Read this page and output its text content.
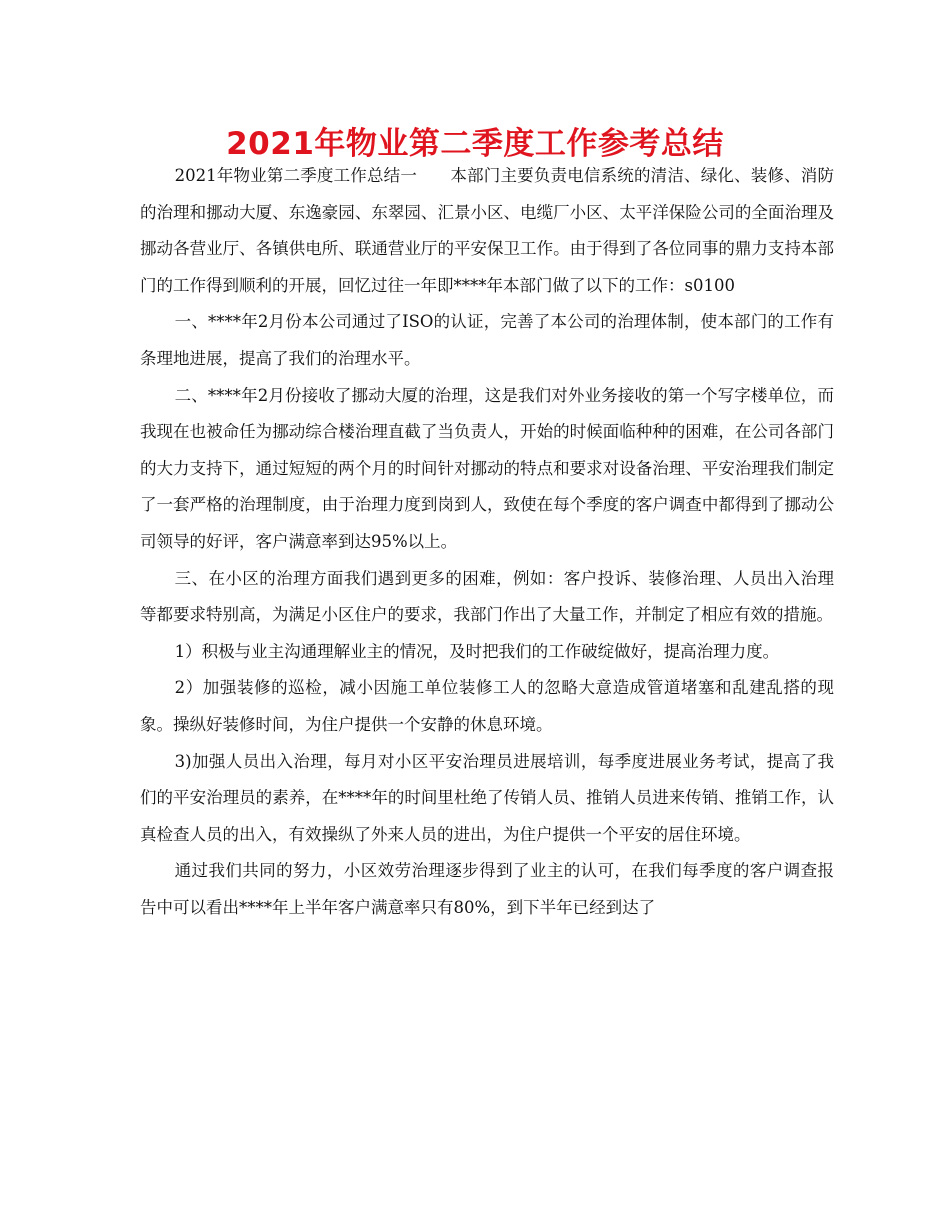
2021年物业第二季度工作参考总结

2021年物业第二季度工作总结一　　本部门主要负责电信系统的清洁、绿化、装修、消防的治理和挪动大厦、东逸豪园、东翠园、汇景小区、电缆厂小区、太平洋保险公司的全面治理及挪动各营业厅、各镇供电所、联通营业厅的平安保卫工作。由于得到了各位同事的鼎力支持本部门的工作得到顺利的开展，回忆过往一年即****年本部门做了以下的工作：s0100

一、****年2月份本公司通过了ISO的认证，完善了本公司的治理体制，使本部门的工作有条理地进展，提高了我们的治理水平。

二、****年2月份接收了挪动大厦的治理，这是我们对外业务接收的第一个写字楼单位，而我现在也被命任为挪动综合楼治理直截了当负责人，开始的时候面临种种的困难，在公司各部门的大力支持下，通过短短的两个月的时间针对挪动的特点和要求对设备治理、平安治理我们制定了一套严格的治理制度，由于治理力度到岗到人，致使在每个季度的客户调查中都得到了挪动公司领导的好评，客户满意率到达95%以上。

三、在小区的治理方面我们遇到更多的困难，例如：客户投诉、装修治理、人员出入治理等都要求特别高，为满足小区住户的要求，我部门作出了大量工作，并制定了相应有效的措施。

1）积极与业主沟通理解业主的情况，及时把我们的工作破绽做好，提高治理力度。

2）加强装修的巡检，减小因施工单位装修工人的忽略大意造成管道堵塞和乱建乱搭的现象。操纵好装修时间，为住户提供一个安静的休息环境。

3)加强人员出入治理，每月对小区平安治理员进展培训，每季度进展业务考试，提高了我们的平安治理员的素养，在****年的时间里杜绝了传销人员、推销人员进来传销、推销工作，认真检查人员的出入，有效操纵了外来人员的进出，为住户提供一个平安的居住环境。

通过我们共同的努力，小区效劳治理逐步得到了业主的认可，在我们每季度的客户调查报告中可以看出****年上半年客户满意率只有80%，到下半年已经到达了
